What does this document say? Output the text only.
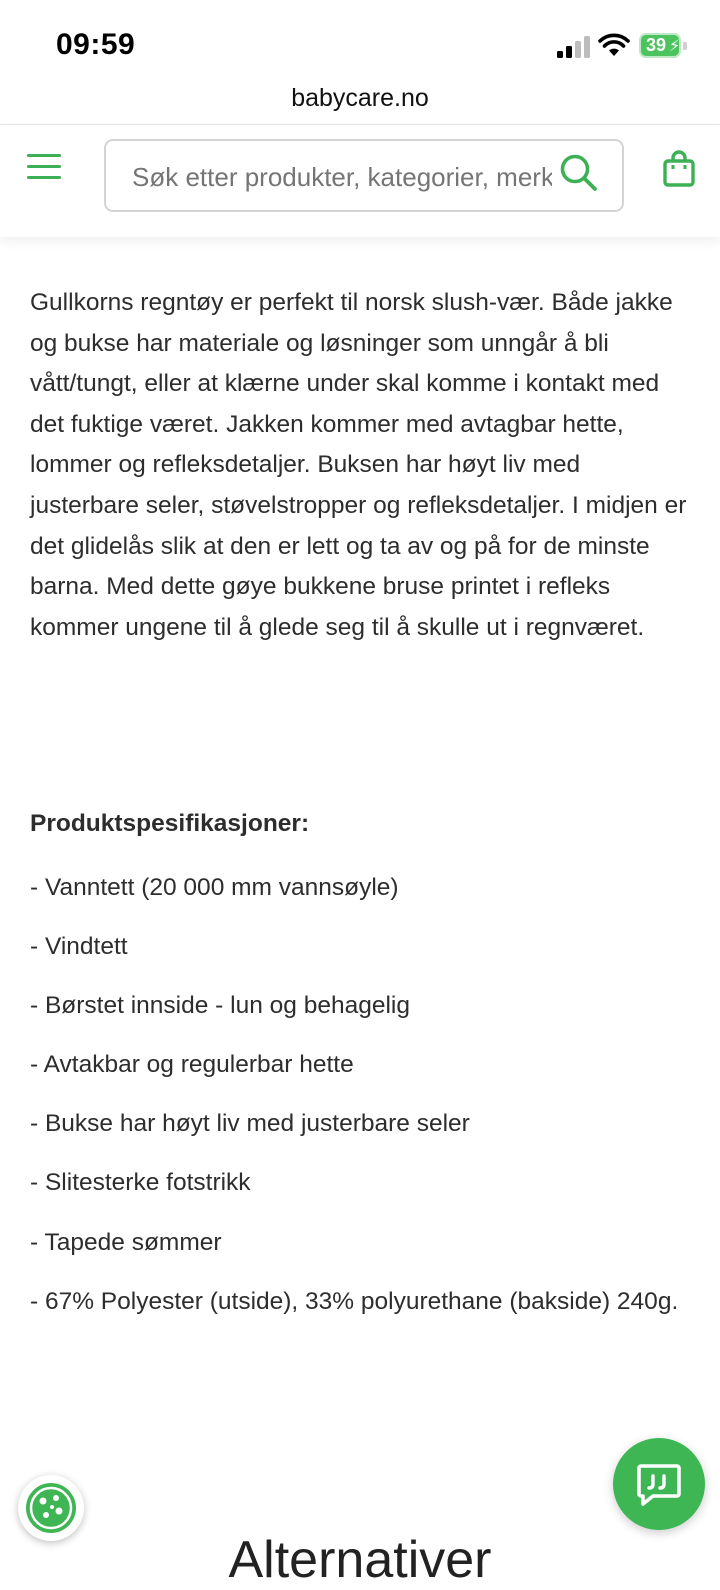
09:59	39 ⚡
babycare.no
Søk etter produkter, kategorier, merker

Gullkorns regntøy er perfekt til norsk slush-vær. Både jakke og bukse har materiale og løsninger som unngår å bli vått/tungt, eller at klærne under skal komme i kontakt med det fuktige været. Jakken kommer med avtagbar hette, lommer og refleksdetaljer. Buksen har høyt liv med justerbare seler, støvelstropper og refleksdetaljer. I midjen er det glidelås slik at den er lett og ta av og på for de minste barna. Med dette gøye bukkene bruse printet i refleks kommer ungene til å glede seg til å skulle ut i regnværet.

Produktspesifikasjoner:
- Vanntett (20 000 mm vannsøyle)
- Vindtett
- Børstet innside - lun og behagelig
- Avtakbar og regulerbar hette
- Bukse har høyt liv med justerbare seler
- Slitesterke fotstrikk
- Tapede sømmer
- 67% Polyester (utside), 33% polyurethane (bakside) 240g.
Alternativer
